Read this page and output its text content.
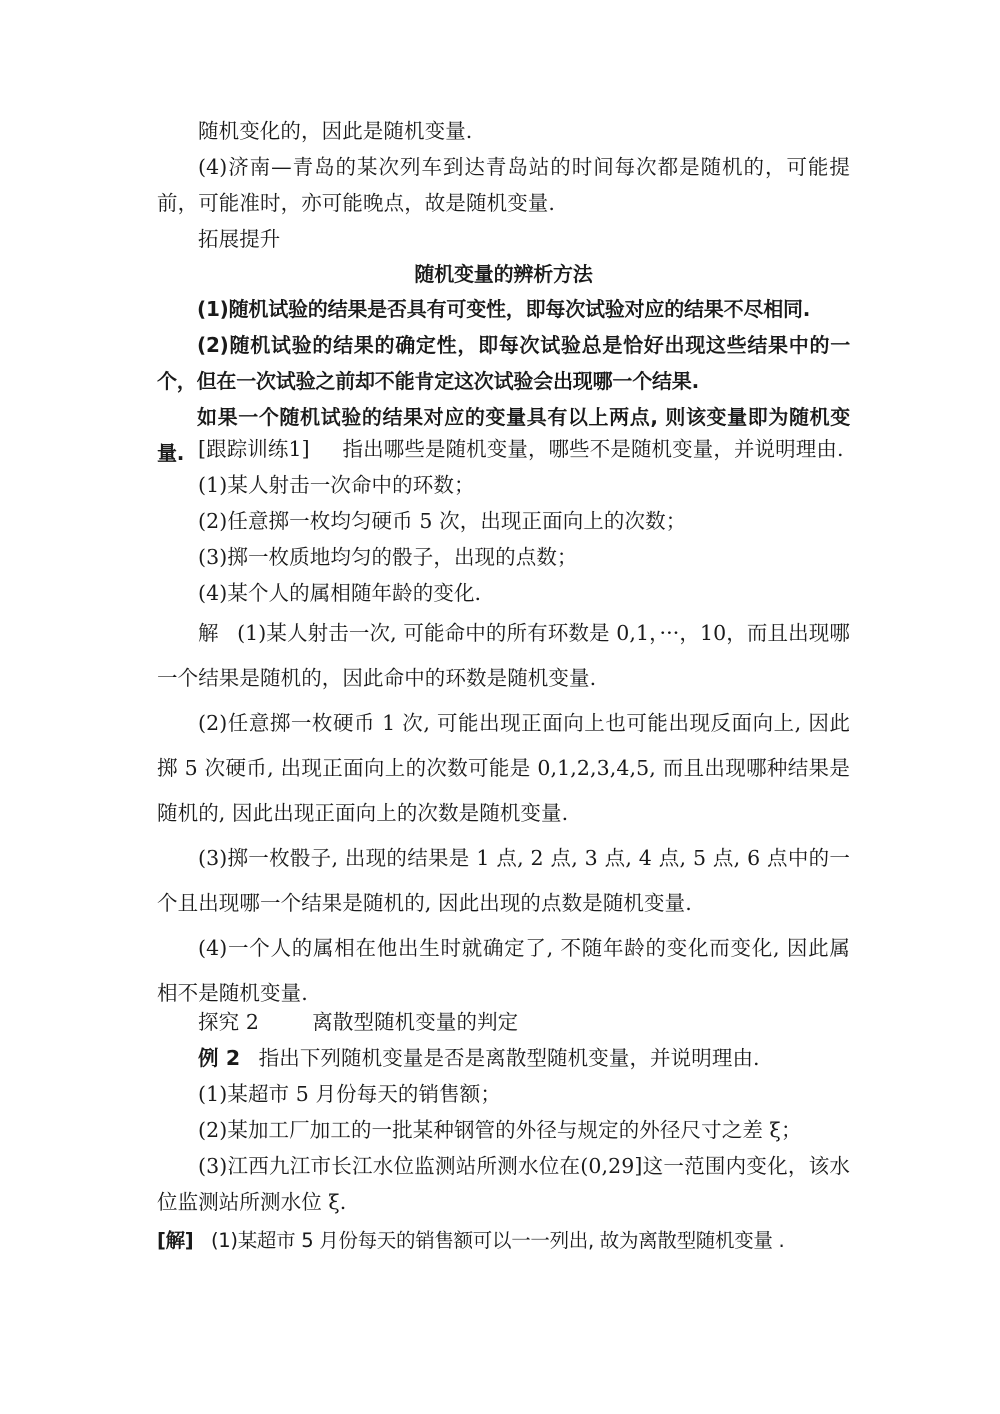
随机变化的，因此是随机变量.

(4)济南—青岛的某次列车到达青岛站的时间每次都是随机的，可能提前，可能准时，亦可能晚点，故是随机变量.

拓展提升

随机变量的辨析方法

(1)随机试验的结果是否具有可变性，即每次试验对应的结果不尽相同.

(2)随机试验的结果的确定性，即每次试验总是恰好出现这些结果中的一个，但在一次试验之前却不能肯定这次试验会出现哪一个结果.

如果一个随机试验的结果对应的变量具有以上两点, 则该变量即为随机变量. [跟踪训练1] 指出哪些是随机变量，哪些不是随机变量，并说明理由.

(1)某人射击一次命中的环数；

(2)任意掷一枚均匀硬币 5 次，出现正面向上的次数；

(3)掷一枚质地均匀的骰子，出现的点数；

(4)某个人的属相随年龄的变化.

解 (1)某人射击一次, 可能命中的所有环数是 0,1，···，10，而且出现哪一个结果是随机的，因此命中的环数是随机变量.

(2)任意掷一枚硬币 1 次, 可能出现正面向上也可能出现反面向上, 因此掷 5 次硬币, 出现正面向上的次数可能是 0,1,2,3,4,5, 而且出现哪种结果是随机的, 因此出现正面向上的次数是随机变量.

(3)掷一枚骰子, 出现的结果是 1 点, 2 点, 3 点, 4 点, 5 点, 6 点中的一个且出现哪一个结果是随机的, 因此出现的点数是随机变量.

(4)一个人的属相在他出生时就确定了, 不随年龄的变化而变化, 因此属相不是随机变量.

探究 2	离散型随机变量的判定

例 2 指出下列随机变量是否是离散型随机变量，并说明理由.

(1)某超市 5 月份每天的销售额；

(2)某加工厂加工的一批某种钢管的外径与规定的外径尺寸之差 ξ；

(3)江西九江市长江水位监测站所测水位在(0,29]这一范围内变化，该水位监测站所测水位 ξ.

[解] (1)某超市 5 月份每天的销售额可以一一列出, 故为离散型随机变量 .
